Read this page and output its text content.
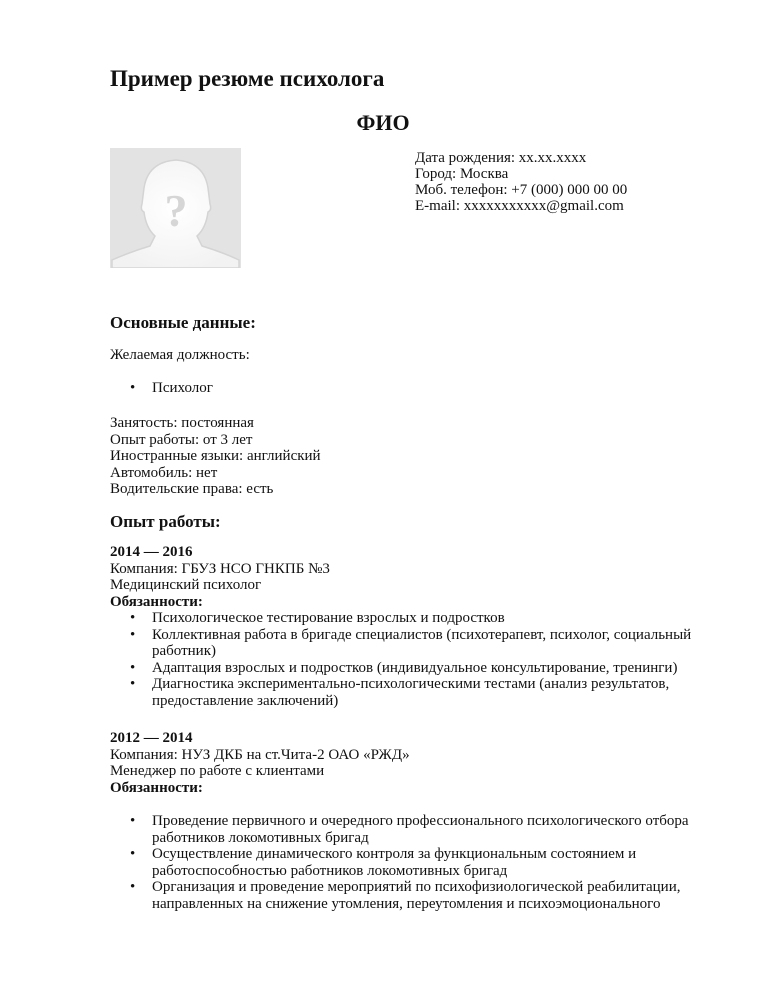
Пример резюме психолога
ФИО
?
Дата рождения: xx.xx.xxxx
Город: Москва
Моб. телефон: +7 (000) 000 00 00
E-mail: xxxxxxxxxxx@gmail.com
Основные данные:
Желаемая должность:
• Психолог
Занятость: постоянная
Опыт работы: от 3 лет
Иностранные языки: английский
Автомобиль: нет
Водительские права: есть
Опыт работы:
2014 — 2016
Компания: ГБУЗ НСО ГНКПБ №3
Медицинский психолог
Обязанности:
• Психологическое тестирование взрослых и подростков
• Коллективная работа в бригаде специалистов (психотерапевт, психолог, социальный работник)
• Адаптация взрослых и подростков (индивидуальное консультирование, тренинги)
• Диагностика экспериментально-психологическими тестами (анализ результатов, предоставление заключений)
2012 — 2014
Компания: НУЗ ДКБ на ст.Чита-2 ОАО «РЖД»
Менеджер по работе с клиентами
Обязанности:
• Проведение первичного и очередного профессионального психологического отбора работников локомотивных бригад
• Осуществление динамического контроля за функциональным состоянием и работоспособностью работников локомотивных бригад
• Организация и проведение мероприятий по психофизиологической реабилитации, направленных на снижение утомления, переутомления и психоэмоционального
